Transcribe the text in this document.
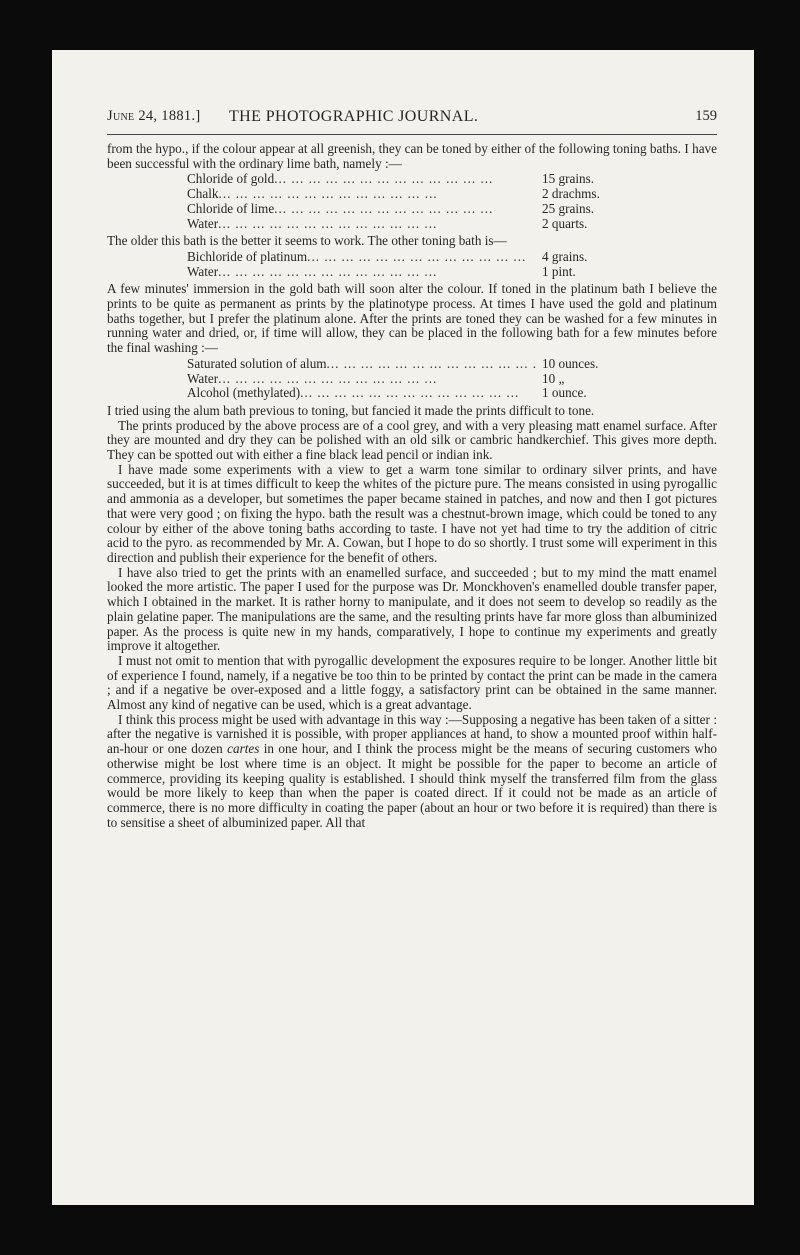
June 24, 1881.] THE PHOTOGRAPHIC JOURNAL.	159

from the hypo., if the colour appear at all greenish, they can be toned by either of the following toning baths. I have been successful with the ordinary lime bath, namely :—

Chloride of gold ...	15 grains.
Chalk ...	2 drachms.
Chloride of lime ...	25 grains.
Water ...	2 quarts.

The older this bath is the better it seems to work. The other toning bath is—

Bichloride of platinum ...	4 grains.
Water ...	1 pint.

A few minutes' immersion in the gold bath will soon alter the colour. If toned in the platinum bath I believe the prints to be quite as permanent as prints by the platinotype process. At times I have used the gold and platinum baths together, but I prefer the platinum alone. After the prints are toned they can be washed for a few minutes in running water and dried, or, if time will allow, they can be placed in the following bath for a few minutes before the final washing :—

Saturated solution of alum ...	10 ounces.
Water ...	10 „
Alcohol (methylated) ...	1 ounce.

I tried using the alum bath previous to toning, but fancied it made the prints difficult to tone.

The prints produced by the above process are of a cool grey, and with a very pleasing matt enamel surface. After they are mounted and dry they can be polished with an old silk or cambric handkerchief. This gives more depth. They can be spotted out with either a fine black lead pencil or indian ink.

I have made some experiments with a view to get a warm tone similar to ordinary silver prints, and have succeeded, but it is at times difficult to keep the whites of the picture pure. The means consisted in using pyrogallic and ammonia as a developer, but sometimes the paper became stained in patches, and now and then I got pictures that were very good ; on fixing the hypo. bath the result was a chestnut-brown image, which could be toned to any colour by either of the above toning baths according to taste. I have not yet had time to try the addition of citric acid to the pyro. as recommended by Mr. A. Cowan, but I hope to do so shortly. I trust some will experiment in this direction and publish their experience for the benefit of others.

I have also tried to get the prints with an enamelled surface, and succeeded ; but to my mind the matt enamel looked the more artistic. The paper I used for the purpose was Dr. Monckhoven's enamelled double transfer paper, which I obtained in the market. It is rather horny to manipulate, and it does not seem to develop so readily as the plain gelatine paper. The manipulations are the same, and the resulting prints have far more gloss than albuminized paper. As the process is quite new in my hands, comparatively, I hope to continue my experiments and greatly improve it altogether.

I must not omit to mention that with pyrogallic development the exposures require to be longer. Another little bit of experience I found, namely, if a negative be too thin to be printed by contact the print can be made in the camera ; and if a negative be over-exposed and a little foggy, a satisfactory print can be obtained in the same manner. Almost any kind of negative can be used, which is a great advantage.

I think this process might be used with advantage in this way :—Supposing a negative has been taken of a sitter : after the negative is varnished it is possible, with proper appliances at hand, to show a mounted proof within half-an-hour or one dozen cartes in one hour, and I think the process might be the means of securing customers who otherwise might be lost where time is an object. It might be possible for the paper to become an article of commerce, providing its keeping quality is established. I should think myself the transferred film from the glass would be more likely to keep than when the paper is coated direct. If it could not be made as an article of commerce, there is no more difficulty in coating the paper (about an hour or two before it is required) than there is to sensitise a sheet of albuminized paper. All that
